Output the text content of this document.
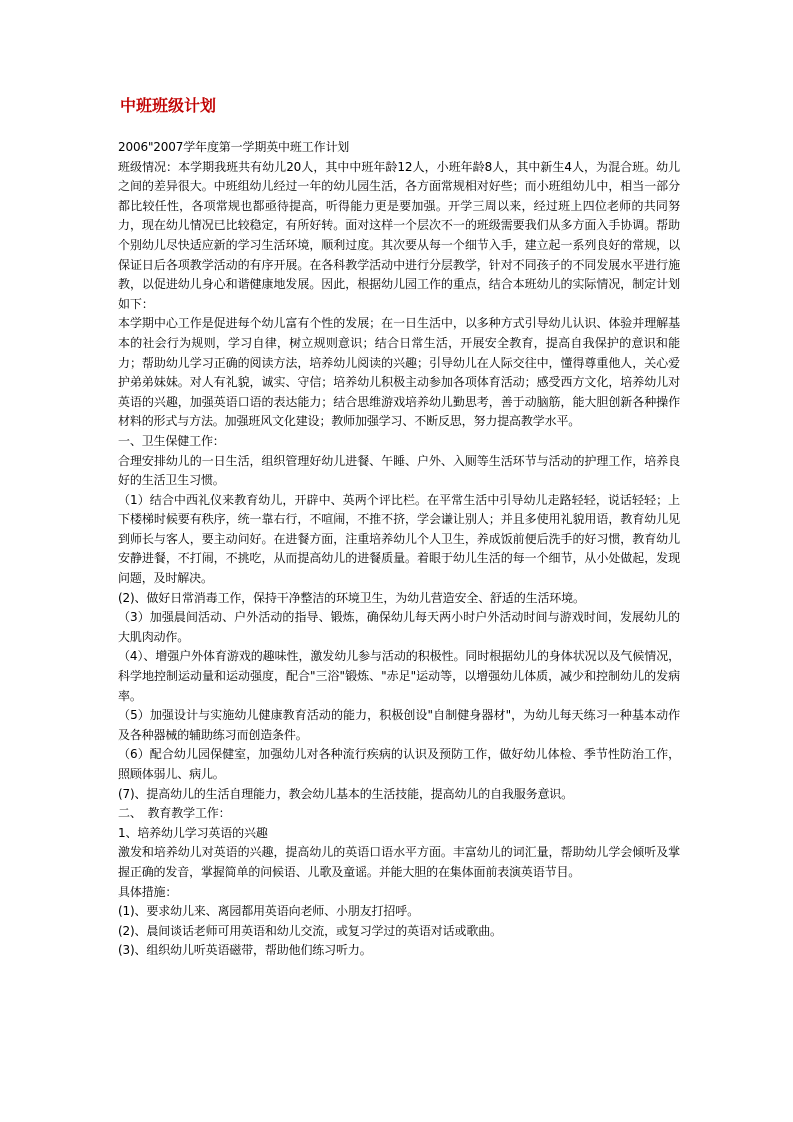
中班班级计划

2006"2007学年度第一学期英中班工作计划

班级情况：本学期我班共有幼儿20人，其中中班年龄12人，小班年龄8人，其中新生4人，为混合班。幼儿之间的差异很大。中班组幼儿经过一年的幼儿园生活，各方面常规相对好些；而小班组幼儿中，相当一部分都比较任性，各项常规也都亟待提高，听得能力更是要加强。开学三周以来，经过班上四位老师的共同努力，现在幼儿情况已比较稳定，有所好转。面对这样一个层次不一的班级需要我们从多方面入手协调。帮助个别幼儿尽快适应新的学习生活环境，顺利过度。其次要从每一个细节入手，建立起一系列良好的常规，以保证日后各项教学活动的有序开展。在各科教学活动中进行分层教学，针对不同孩子的不同发展水平进行施教，以促进幼儿身心和谐健康地发展。因此，根据幼儿园工作的重点，结合本班幼儿的实际情况，制定计划如下：

本学期中心工作是促进每个幼儿富有个性的发展；在一日生活中，以多种方式引导幼儿认识、体验并理解基本的社会行为规则，学习自律，树立规则意识；结合日常生活，开展安全教育，提高自我保护的意识和能力；帮助幼儿学习正确的阅读方法，培养幼儿阅读的兴趣；引导幼儿在人际交往中，懂得尊重他人，关心爱护弟弟妹妹。对人有礼貌，诚实、守信；培养幼儿积极主动参加各项体育活动；感受西方文化，培养幼儿对英语的兴趣，加强英语口语的表达能力；结合思维游戏培养幼儿勤思考，善于动脑筋，能大胆创新各种操作材料的形式与方法。加强班风文化建设；教师加强学习、不断反思，努力提高教学水平。

一、卫生保健工作：

合理安排幼儿的一日生活，组织管理好幼儿进餐、午睡、户外、入厕等生活环节与活动的护理工作，培养良好的生活卫生习惯。

（1）结合中西礼仪来教育幼儿，开辟中、英两个评比栏。在平常生活中引导幼儿走路轻轻，说话轻轻；上下楼梯时候要有秩序，统一靠右行，不喧闹，不推不挤，学会谦让别人；并且多使用礼貌用语，教育幼儿见到师长与客人，要主动问好。在进餐方面，注重培养幼儿个人卫生，养成饭前便后洗手的好习惯，教育幼儿安静进餐，不打闹，不挑吃，从而提高幼儿的进餐质量。着眼于幼儿生活的每一个细节，从小处做起，发现问题，及时解决。

(2)、做好日常消毒工作，保持干净整洁的环境卫生，为幼儿营造安全、舒适的生活环境。

（3）加强晨间活动、户外活动的指导、锻炼，确保幼儿每天两小时户外活动时间与游戏时间，发展幼儿的大肌肉动作。

（4）、增强户外体育游戏的趣味性，激发幼儿参与活动的积极性。同时根据幼儿的身体状况以及气候情况，科学地控制运动量和运动强度，配合"三浴"锻炼、"赤足"运动等，以增强幼儿体质，减少和控制幼儿的发病率。

（5）加强设计与实施幼儿健康教育活动的能力，积极创设"自制健身器材"，为幼儿每天练习一种基本动作及各种器械的辅助练习而创造条件。

（6）配合幼儿园保健室，加强幼儿对各种流行疾病的认识及预防工作，做好幼儿体检、季节性防治工作，照顾体弱儿、病儿。

(7)、提高幼儿的生活自理能力，教会幼儿基本的生活技能，提高幼儿的自我服务意识。

二、　教育教学工作：

1、培养幼儿学习英语的兴趣

激发和培养幼儿对英语的兴趣，提高幼儿的英语口语水平方面。丰富幼儿的词汇量，帮助幼儿学会倾听及掌握正确的发音，掌握简单的问候语、儿歌及童谣。并能大胆的在集体面前表演英语节目。

具体措施：

(1)、要求幼儿来、离园都用英语向老师、小朋友打招呼。

(2)、晨间谈话老师可用英语和幼儿交流，或复习学过的英语对话或歌曲。

(3)、组织幼儿听英语磁带，帮助他们练习听力。
